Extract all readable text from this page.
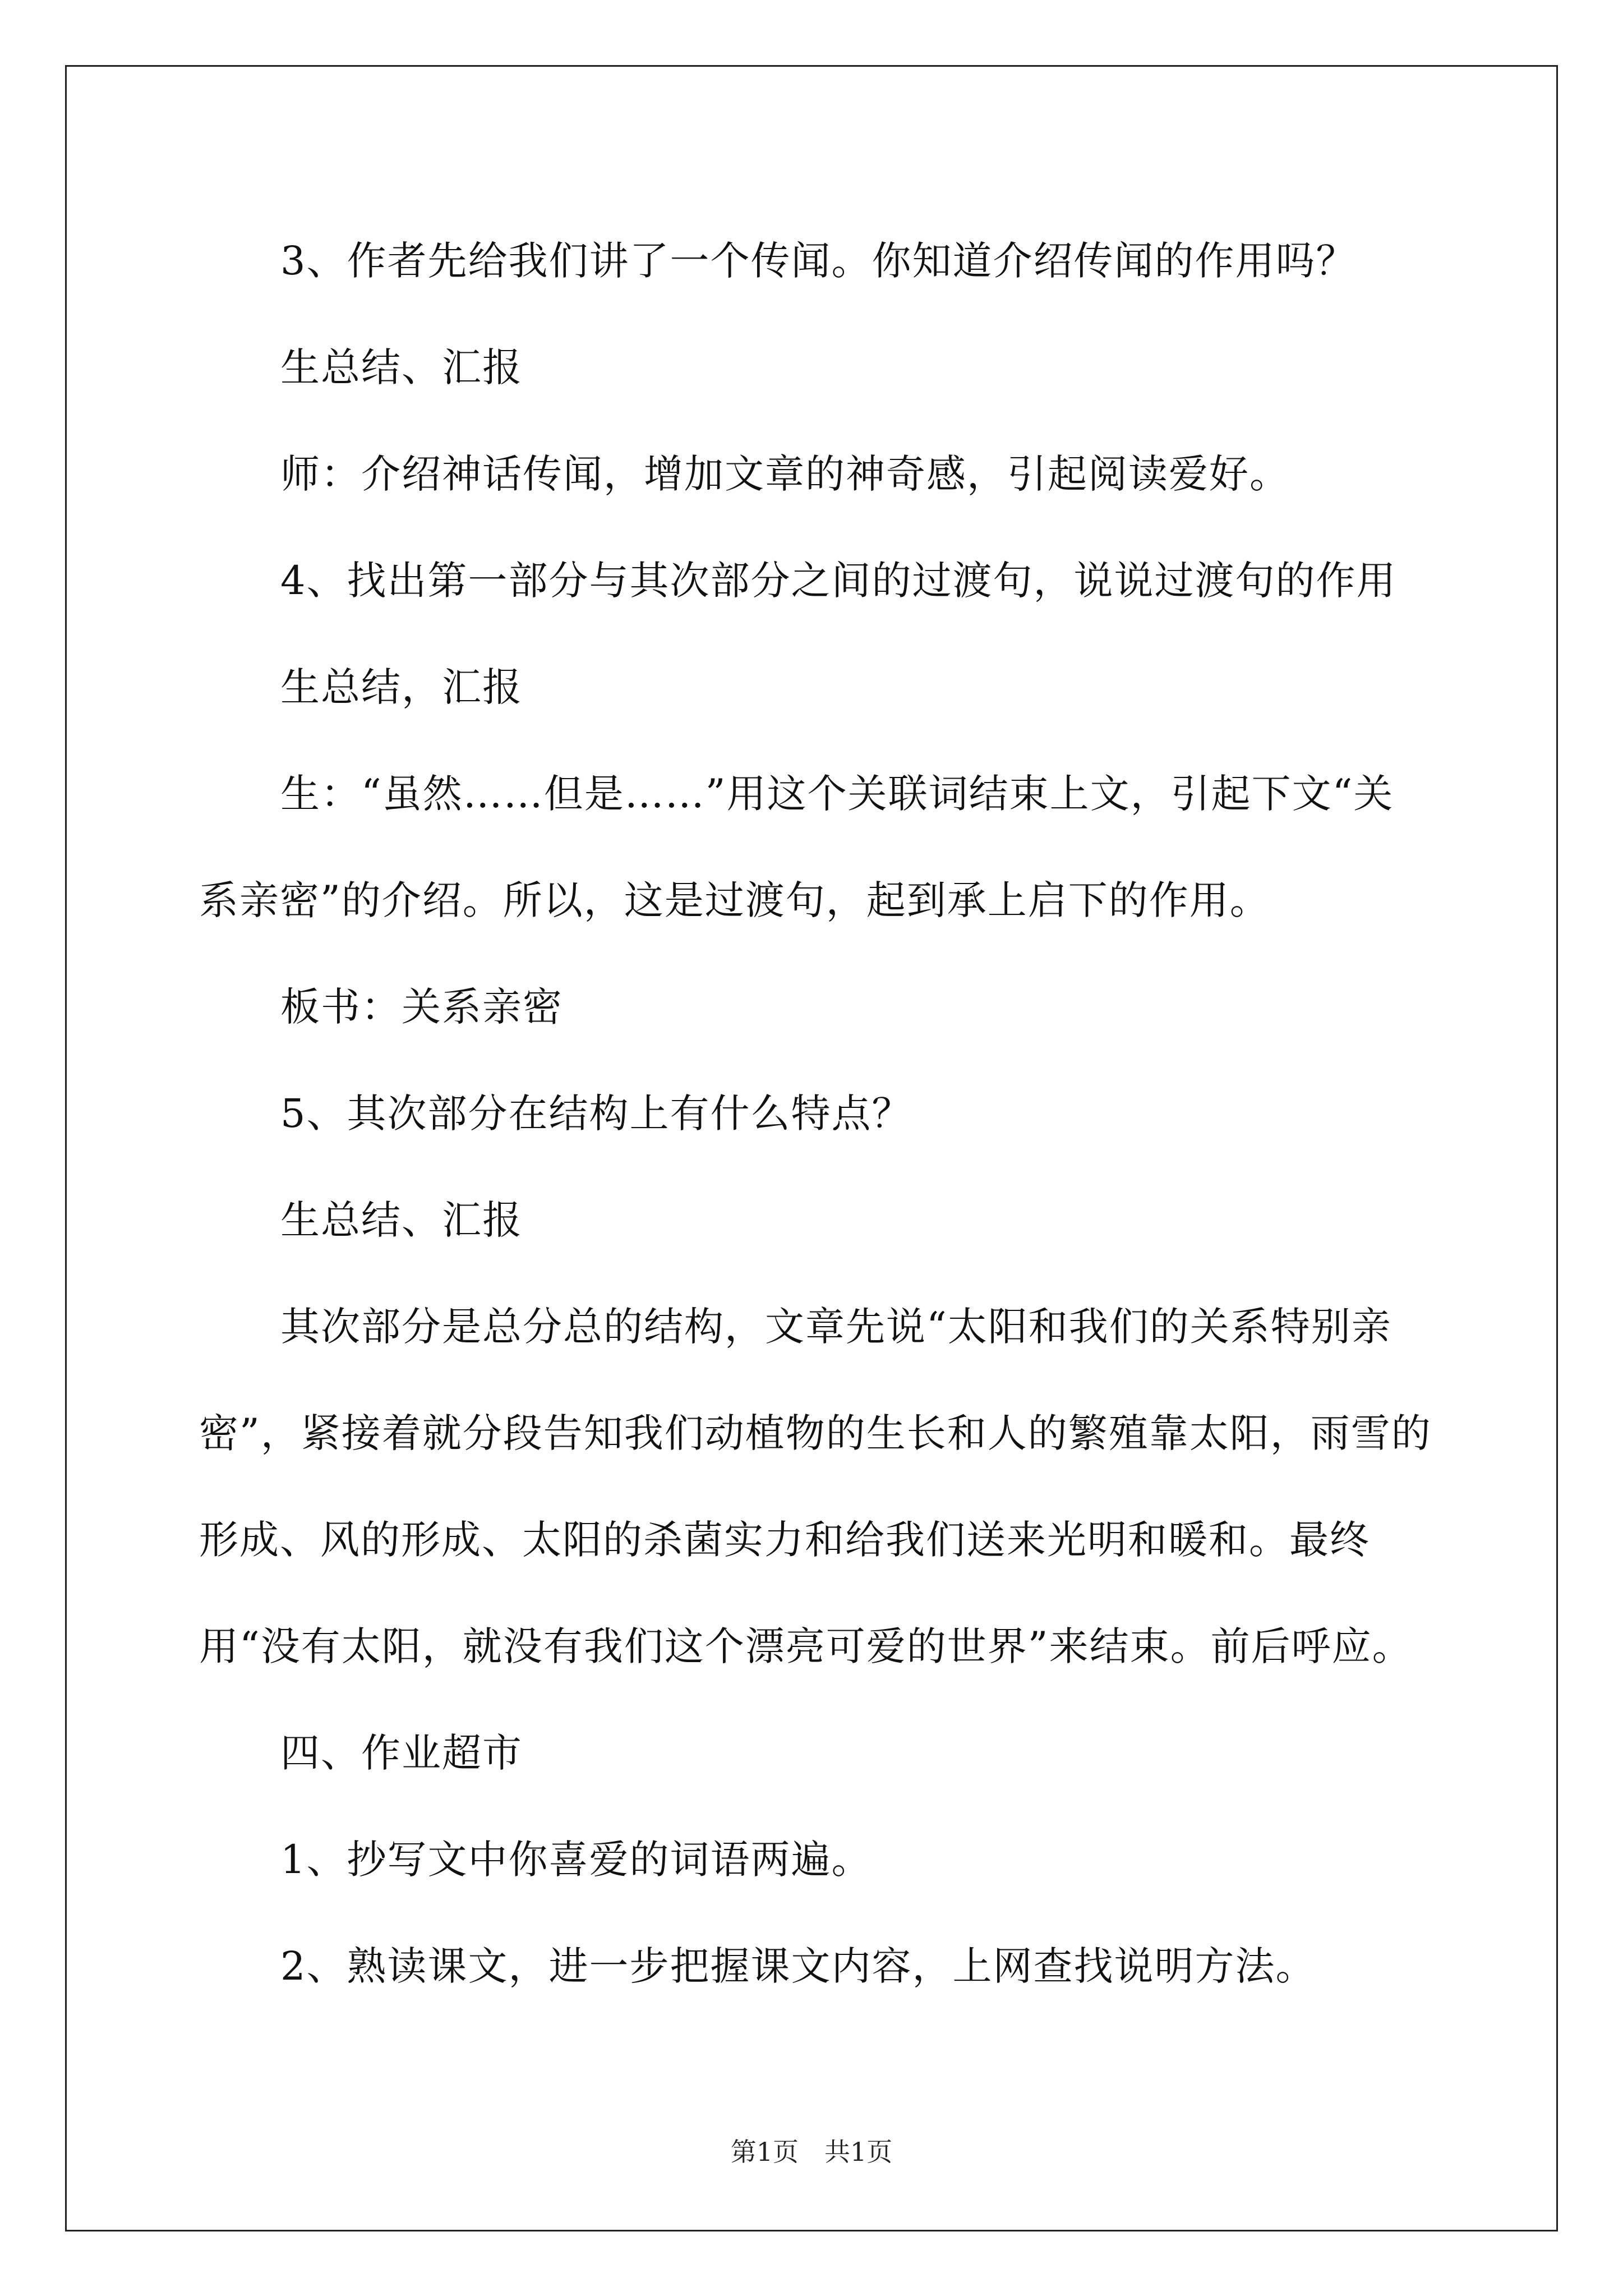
3、作者先给我们讲了一个传闻。你知道介绍传闻的作用吗？

生总结、汇报

师：介绍神话传闻，增加文章的神奇感，引起阅读爱好。

4、找出第一部分与其次部分之间的过渡句，说说过渡句的作用

生总结，汇报

生：“虽然……但是……”用这个关联词结束上文，引起下文“关系亲密”的介绍。所以，这是过渡句，起到承上启下的作用。

板书：关系亲密

5、其次部分在结构上有什么特点？

生总结、汇报

其次部分是总分总的结构，文章先说“太阳和我们的关系特别亲密”，紧接着就分段告知我们动植物的生长和人的繁殖靠太阳，雨雪的形成、风的形成、太阳的杀菌实力和给我们送来光明和暖和。最终用“没有太阳，就没有我们这个漂亮可爱的世界”来结束。前后呼应。

四、作业超市

1、抄写文中你喜爱的词语两遍。

2、熟读课文，进一步把握课文内容，上网查找说明方法。

第1页　共1页
